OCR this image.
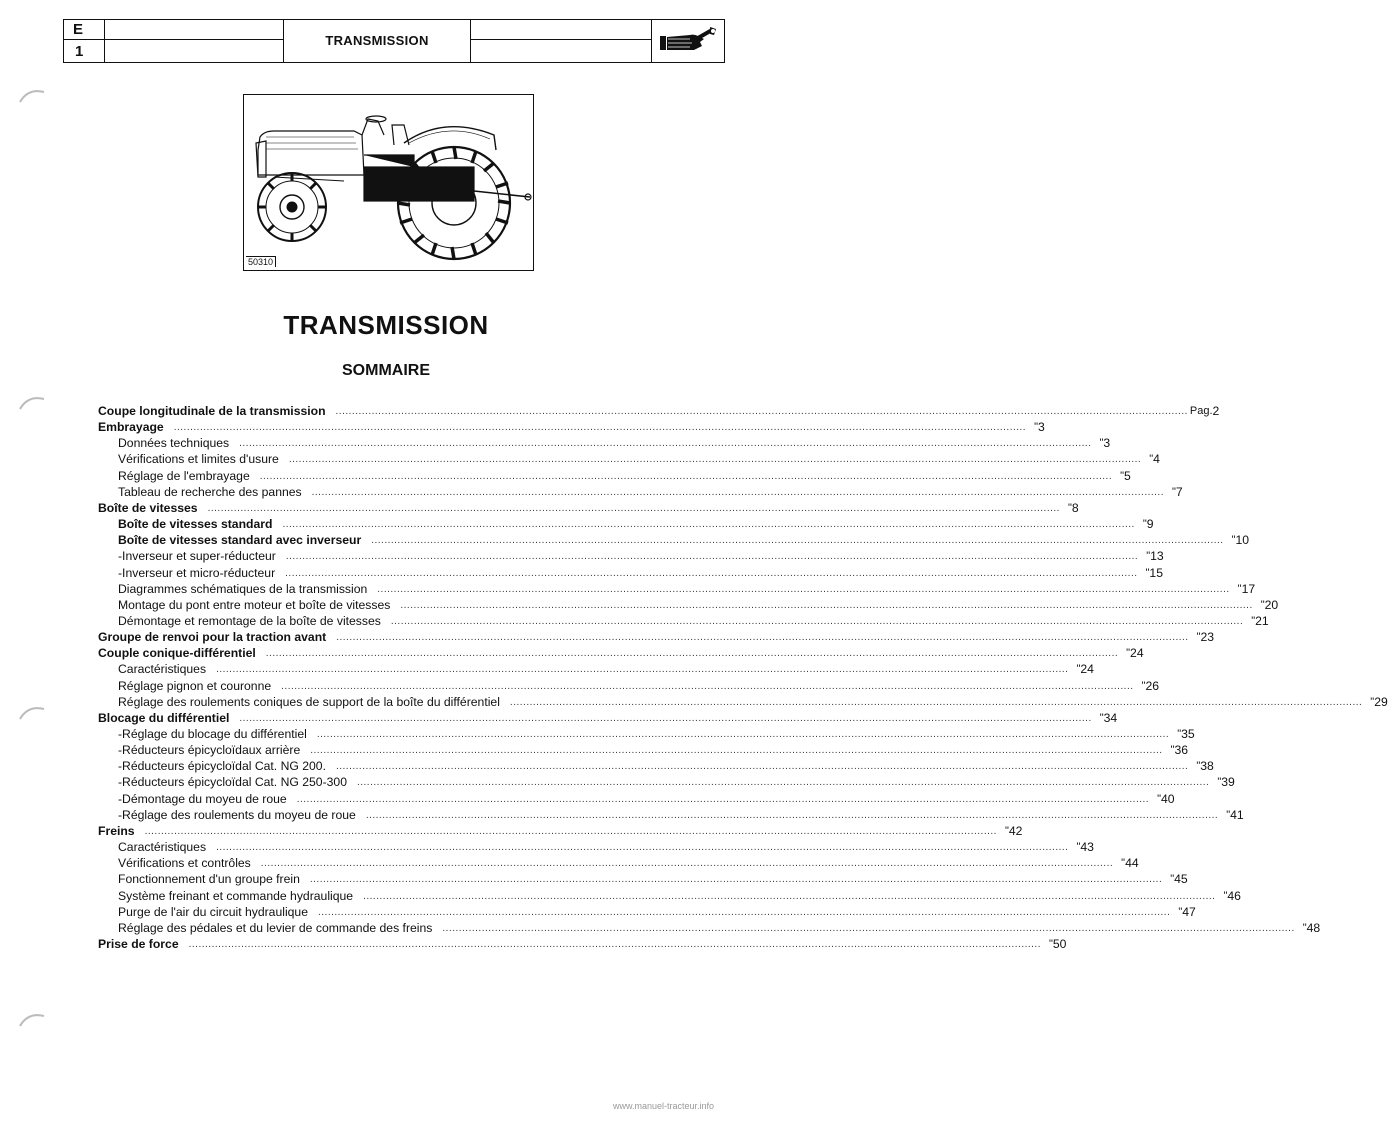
E
1
TRANSMISSION
50310
TRANSMISSION
SOMMAIRE
Coupe longitudinale de la transmission .................................................................................................................................................................................................................................................................... Pag. 2
Embrayage .................................................................................................................................................................................................................................................................... " 3
Données techniques .................................................................................................................................................................................................................................................................... " 3
Vérifications et limites d'usure .................................................................................................................................................................................................................................................................... " 4
Réglage de l'embrayage .................................................................................................................................................................................................................................................................... " 5
Tableau de recherche des pannes .................................................................................................................................................................................................................................................................... " 7
Boîte de vitesses .................................................................................................................................................................................................................................................................... " 8
Boîte de vitesses standard .................................................................................................................................................................................................................................................................... " 9
Boîte de vitesses standard avec inverseur .................................................................................................................................................................................................................................................................... " 10
-Inverseur et super-réducteur .................................................................................................................................................................................................................................................................... " 13
-Inverseur et micro-réducteur .................................................................................................................................................................................................................................................................... " 15
Diagrammes schématiques de la transmission .................................................................................................................................................................................................................................................................... " 17
Montage du pont entre moteur et boîte de vitesses .................................................................................................................................................................................................................................................................... " 20
Démontage et remontage de la boîte de vitesses .................................................................................................................................................................................................................................................................... " 21
Groupe de renvoi pour la traction avant .................................................................................................................................................................................................................................................................... " 23
Couple conique-différentiel .................................................................................................................................................................................................................................................................... " 24
Caractéristiques .................................................................................................................................................................................................................................................................... " 24
Réglage pignon et couronne .................................................................................................................................................................................................................................................................... " 26
Réglage des roulements coniques de support de la boîte du différentiel .................................................................................................................................................................................................................................................................... " 29
Blocage du différentiel .................................................................................................................................................................................................................................................................... " 34
-Réglage du blocage du différentiel .................................................................................................................................................................................................................................................................... " 35
-Réducteurs épicycloïdaux arrière .................................................................................................................................................................................................................................................................... " 36
-Réducteurs épicycloïdal Cat. NG 200. .................................................................................................................................................................................................................................................................... " 38
-Réducteurs épicycloïdal Cat. NG 250-300 .................................................................................................................................................................................................................................................................... " 39
-Démontage du moyeu de roue .................................................................................................................................................................................................................................................................... " 40
-Réglage des roulements du moyeu de roue .................................................................................................................................................................................................................................................................... " 41
Freins .................................................................................................................................................................................................................................................................... " 42
Caractéristiques .................................................................................................................................................................................................................................................................... " 43
Vérifications et contrôles .................................................................................................................................................................................................................................................................... " 44
Fonctionnement d'un groupe frein .................................................................................................................................................................................................................................................................... " 45
Système freinant et commande hydraulique .................................................................................................................................................................................................................................................................... " 46
Purge de l'air du circuit hydraulique .................................................................................................................................................................................................................................................................... " 47
Réglage des pédales et du levier de commande des freins .................................................................................................................................................................................................................................................................... " 48
Prise de force .................................................................................................................................................................................................................................................................... " 50
www.manuel-tracteur.info
